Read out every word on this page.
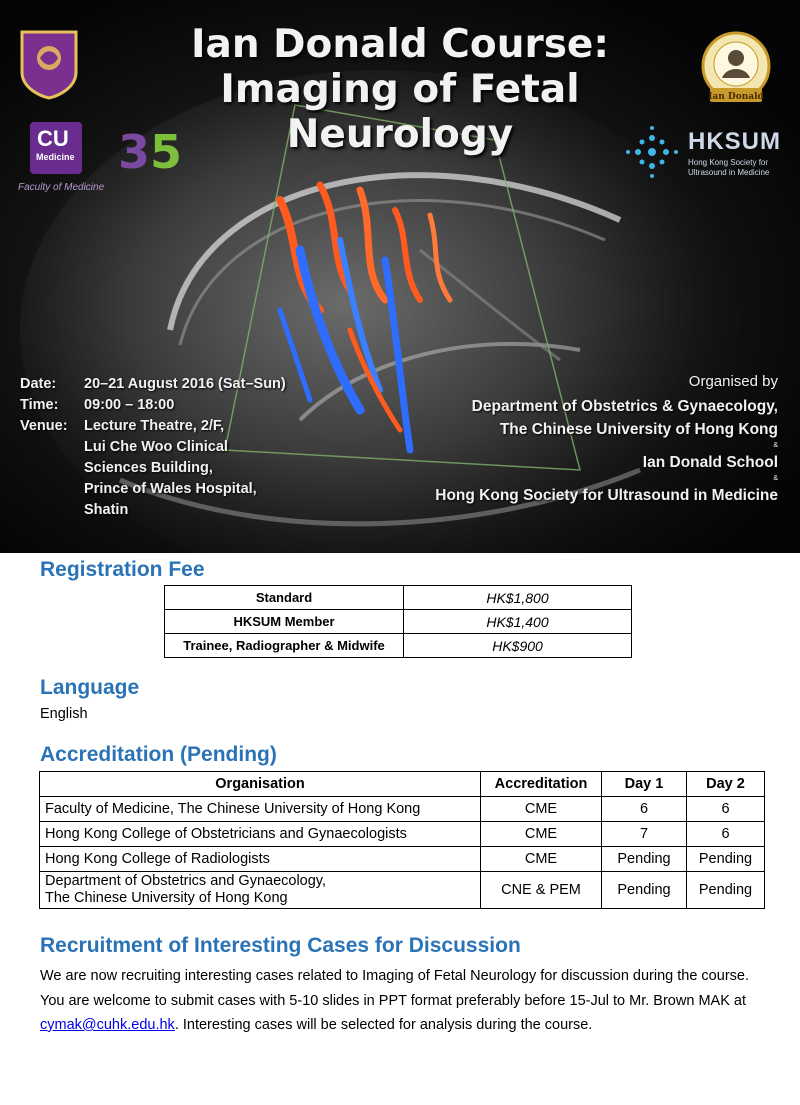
Ian Donald
CU
Medicine
Faculty of Medicine
35	HKSUM
Hong Kong Society for Ultrasound in Medicine
Ian Donald Course:
Imaging of Fetal
Neurology
Date: 20–21 August 2016 (Sat–Sun)
Time: 09:00 – 18:00
Venue: Lecture Theatre, 2/F,
Lui Che Woo Clinical
Sciences Building,
Prince of Wales Hospital,
Shatin
Organised by
Department of Obstetrics & Gynaecology,
The Chinese University of Hong Kong
&
Ian Donald School
&
Hong Kong Society for Ultrasound in Medicine
Registration Fee
Standard	HK$1,800
HKSUM Member	HK$1,400
Trainee, Radiographer & Midwife	HK$900
Language
English
Accreditation (Pending)
Organisation	Accreditation	Day 1	Day 2
Faculty of Medicine, The Chinese University of Hong Kong	CME	6	6
Hong Kong College of Obstetricians and Gynaecologists	CME	7	6
Hong Kong College of Radiologists	CME	Pending	Pending

Department of Obstetrics and Gynaecology,
The Chinese University of Hong Kong	CNE & PEM	Pending	Pending
Recruitment of Interesting Cases for Discussion
We are now recruiting interesting cases related to Imaging of Fetal Neurology for discussion during the course. You are welcome to submit cases with 5-10 slides in PPT format preferably before 15-Jul to Mr. Brown MAK at cymak@cuhk.edu.hk. Interesting cases will be selected for analysis during the course.
